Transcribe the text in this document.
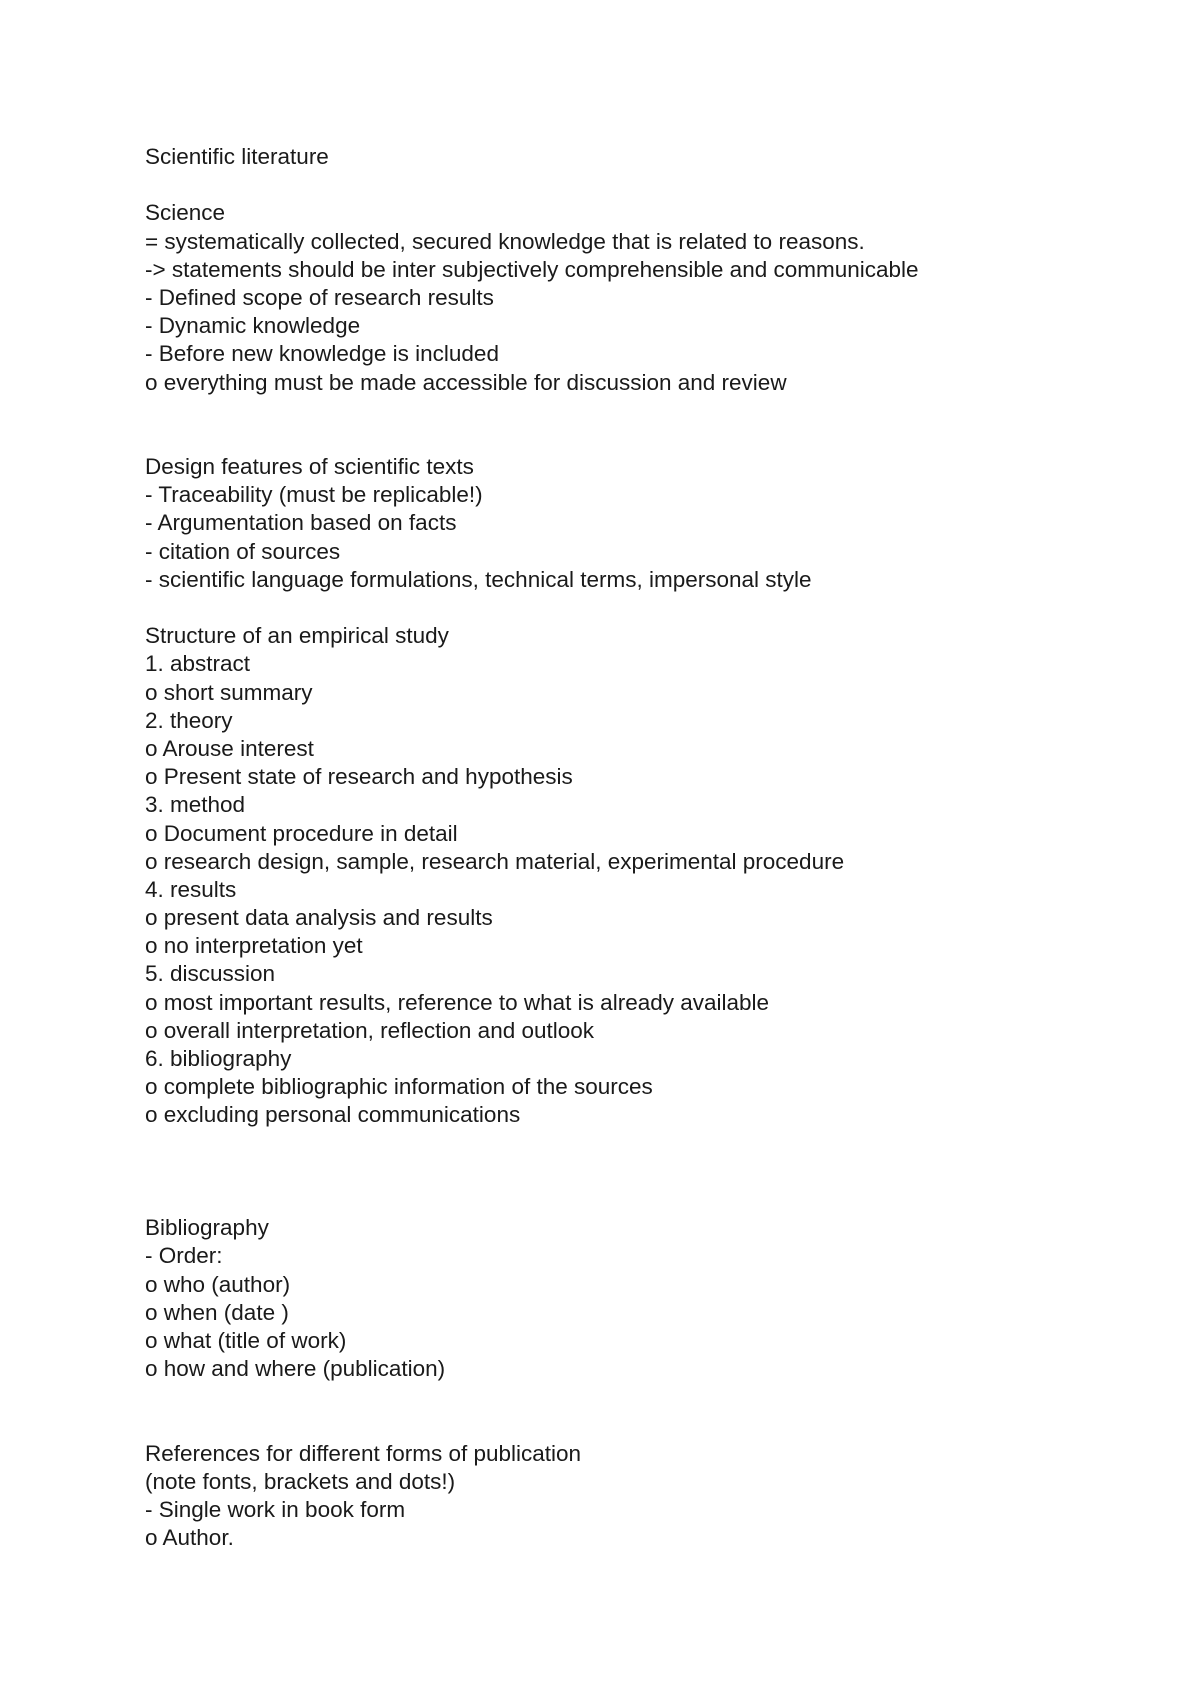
Scientific literature
Science
= systematically collected, secured knowledge that is related to reasons.
-> statements should be inter subjectively comprehensible and communicable
- Defined scope of research results
- Dynamic knowledge
- Before new knowledge is included
o everything must be made accessible for discussion and review
Design features of scientific texts
- Traceability (must be replicable!)
- Argumentation based on facts
- citation of sources
- scientific language formulations, technical terms, impersonal style
Structure of an empirical study
1. abstract
o short summary
2. theory
o Arouse interest
o Present state of research and hypothesis
3. method
o Document procedure in detail
o research design, sample, research material, experimental procedure
4. results
o present data analysis and results
o no interpretation yet
5. discussion
o most important results, reference to what is already available
o overall interpretation, reflection and outlook
6. bibliography
o complete bibliographic information of the sources
o excluding personal communications
Bibliography
- Order:
o who (author)
o when (date )
o what (title of work)
o how and where (publication)
References for different forms of publication
(note fonts, brackets and dots!)
- Single work in book form
o Author.
